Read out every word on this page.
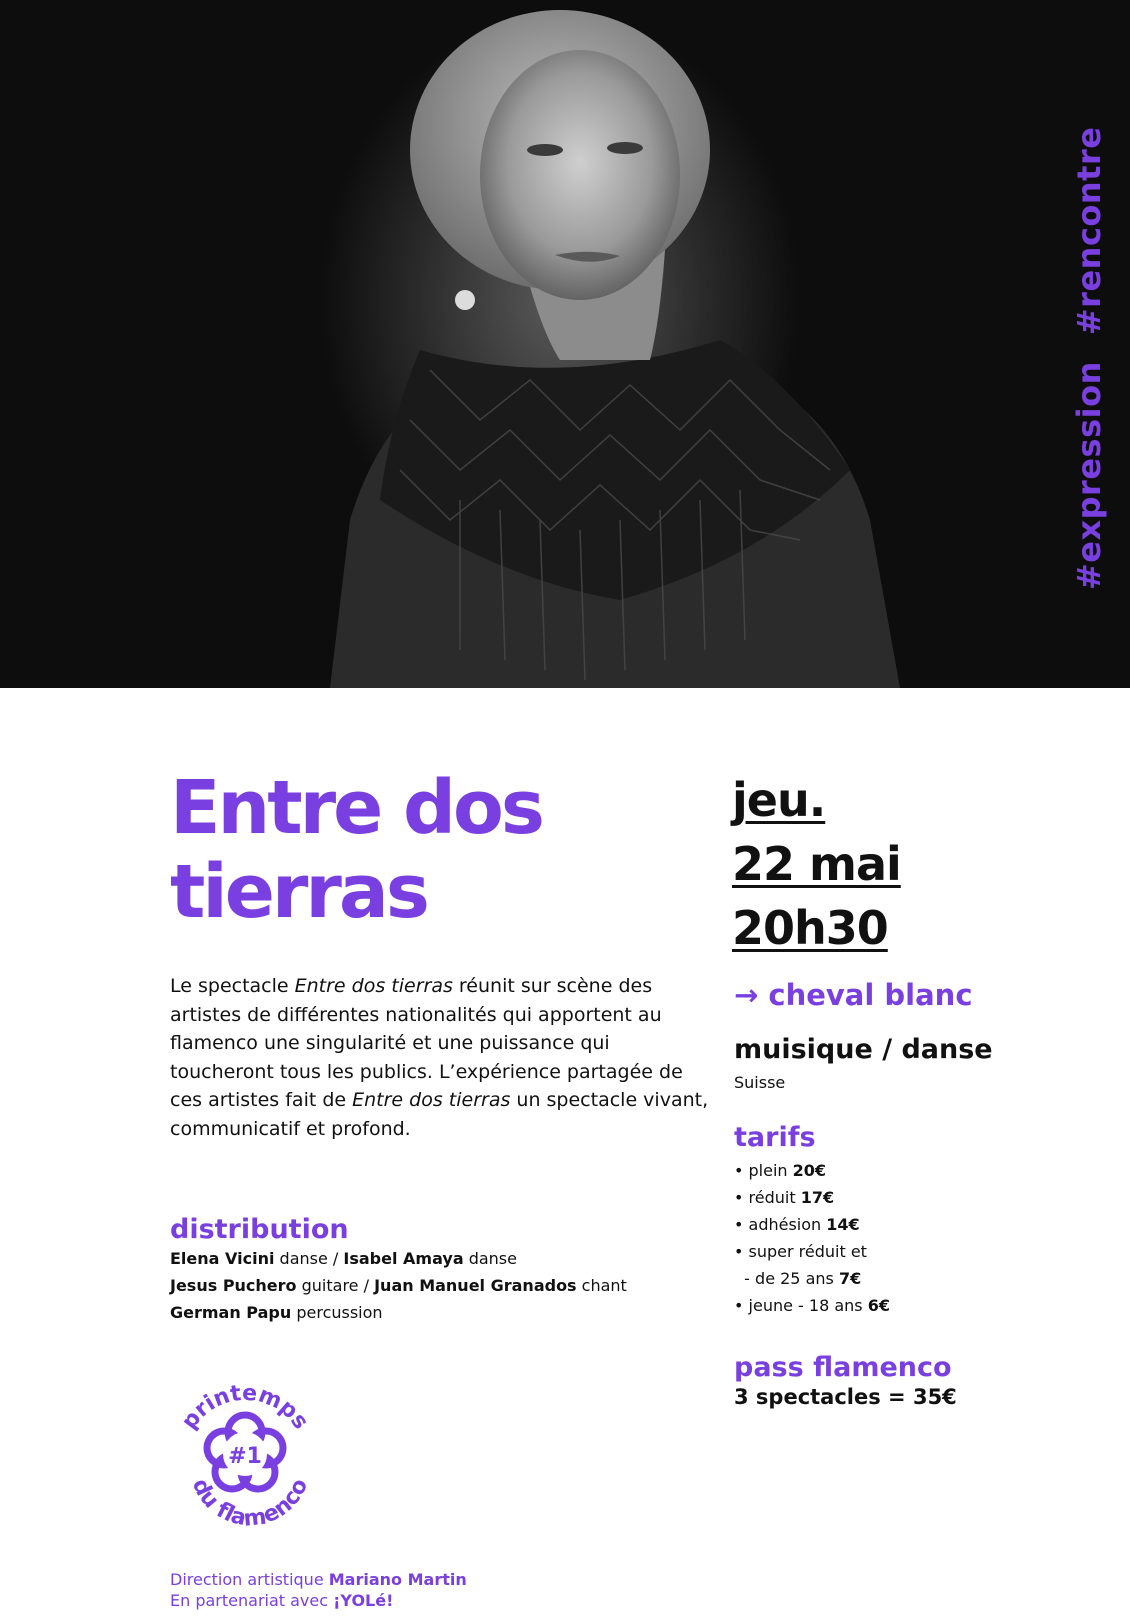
#expression#rencontre
Entre dos
tierras
jeu.
22 mai
20h30
→ cheval blanc
muisique / danse
Suisse

Le spectacle Entre dos tierras réunit sur scène des artistes de différentes nationalités qui apportent au flamenco une singularité et une puissance qui toucheront tous les publics. L’expérience partagée de ces artistes fait de Entre dos tierras un spectacle vivant, communicatif et profond.

distribution
Elena Vicini danse / Isabel Amaya danse
Jesus Puchero guitare / Juan Manuel Granados chant
German Papu percussion
tarifs
• plein 20€
• réduit 17€
• adhésion 14€
• super réduit et
- de 25 ans 7€
• jeune - 18 ans 6€
pass flamenco
3 spectacles = 35€
printemps
du flamenco
#1
Direction artistique Mariano Martin
En partenariat avec ¡YOLé!
